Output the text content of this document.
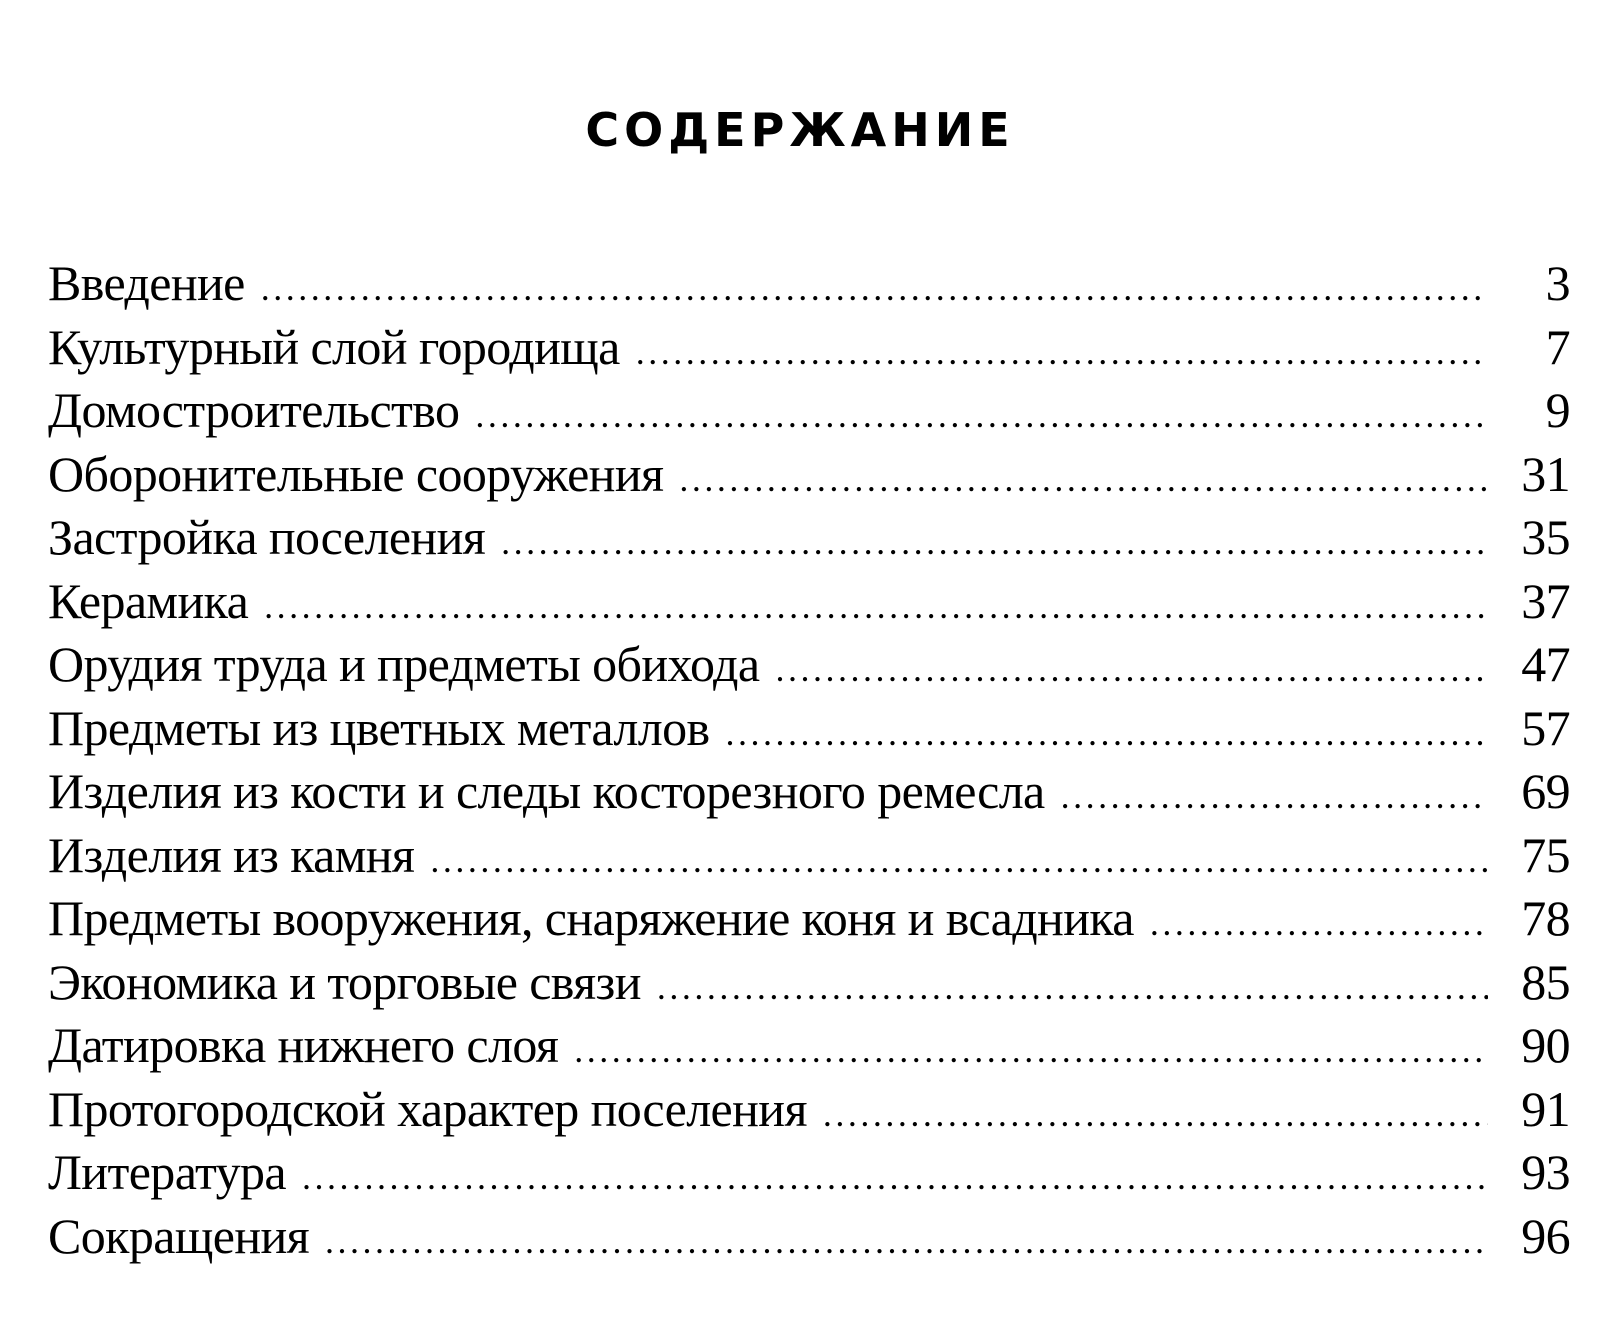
СОДЕРЖАНИЕ
Введение .....	3
Культурный слой городища .....	7
Домостроительство .....	9
Оборонительные сооружения .....	31
Застройка поселения .....	35
Керамика .....	37
Орудия труда и предметы обихода .....	47
Предметы из цветных металлов .....	57
Изделия из кости и следы косторезного ремесла .....	69
Изделия из камня .....	75
Предметы вооружения, снаряжение коня и всадника .....	78
Экономика и торговые связи .....	85
Датировка нижнего слоя .....	90
Протогородской характер поселения .....	91
Литература .....	93
Сокращения .....	96
